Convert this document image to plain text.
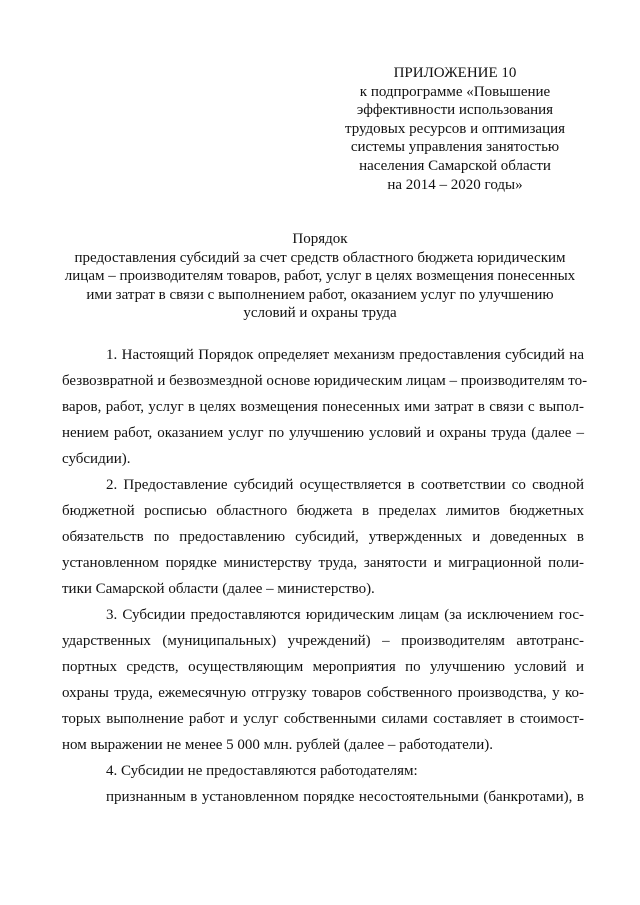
ПРИЛОЖЕНИЕ 10
к подпрограмме «Повышение
эффективности использования
трудовых ресурсов и оптимизация
системы управления занятостью
населения Самарской области
на 2014 – 2020 годы»
Порядок
предоставления субсидий за счет средств областного бюджета юридическим
лицам – производителям товаров, работ, услуг в целях возмещения понесенных
ими затрат в связи с выполнением работ, оказанием услуг по улучшению
условий и охраны труда
1. Настоящий Порядок определяет механизм предоставления субсидий на
безвозвратной и безвозмездной основе юридическим лицам – производителям то-
варов, работ, услуг в целях возмещения понесенных ими затрат в связи с выпол-
нением работ, оказанием услуг по улучшению условий и охраны труда (далее –
субсидии).
2. Предоставление субсидий осуществляется в соответствии со сводной
бюджетной росписью областного бюджета в пределах лимитов бюджетных
обязательств по предоставлению субсидий, утвержденных и доведенных в
установленном порядке министерству труда, занятости и миграционной поли-
тики Самарской области (далее – министерство).
3. Субсидии предоставляются юридическим лицам (за исключением гос-
ударственных (муниципальных) учреждений) – производителям автотранс-
портных средств, осуществляющим мероприятия по улучшению условий и
охраны труда, ежемесячную отгрузку товаров собственного производства, у ко-
торых выполнение работ и услуг собственными силами составляет в стоимост-
ном выражении не менее 5 000 млн. рублей (далее – работодатели).
4. Субсидии не предоставляются работодателям:
признанным в установленном порядке несостоятельными (банкротами), в
